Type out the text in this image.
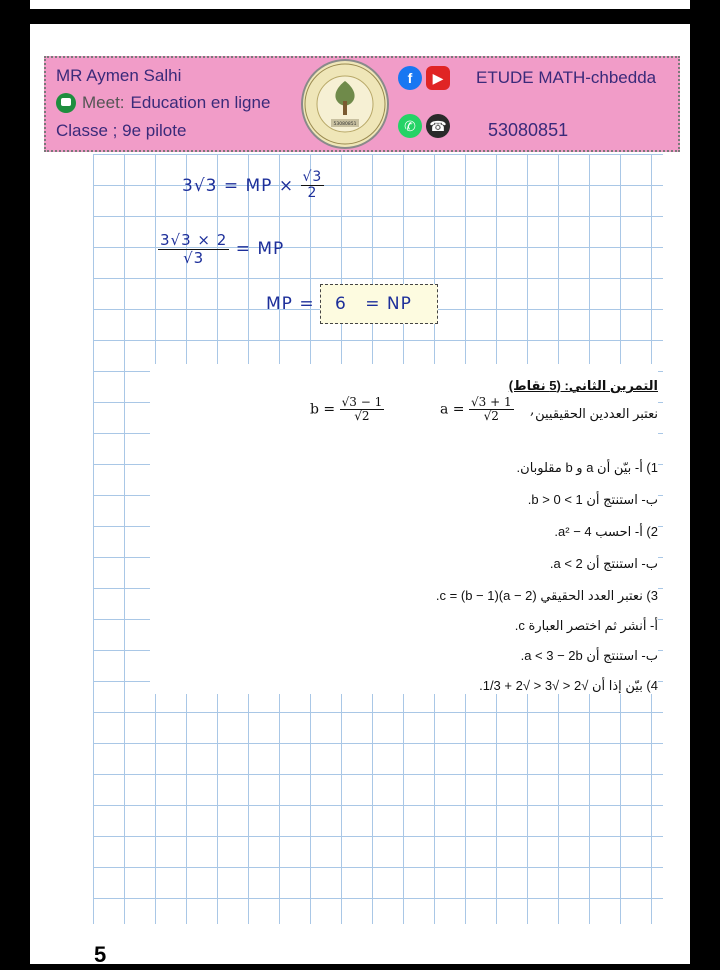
MR Aymen Salhi
Meet: Education en ligne
Classe ; 9e pilote	53080851
f	▶
✆ ☎
ETUDE MATH-chbedda
53080851
3√3 = MP × $\frac{√3}{2}$
$\frac{3√3 \times 2}{√3}$ = MP
MP = 6 = NP
التمرين الثاني: (5 نقاط)
نعتبر العددين الحقيقيين
$a = \frac{√3 + 1}{√2}$ ,
$b = \frac{√3 - 1}{√2}$
1) أ- بيّن أن a و b مقلوبان.
ب- استنتج أن 1 > b > 0.
2) أ- احسب a² − 4.
ب- استنتج أن a < 2.
3) نعتبر العدد الحقيقي c = (b − 1)(a − 2).
أ- أنشر ثم اختصر العبارة c.
ب- استنتج أن a < 3 − 2b.
4) بيّن إذا أن √2 < √3 < √2 + 1/3.
5
